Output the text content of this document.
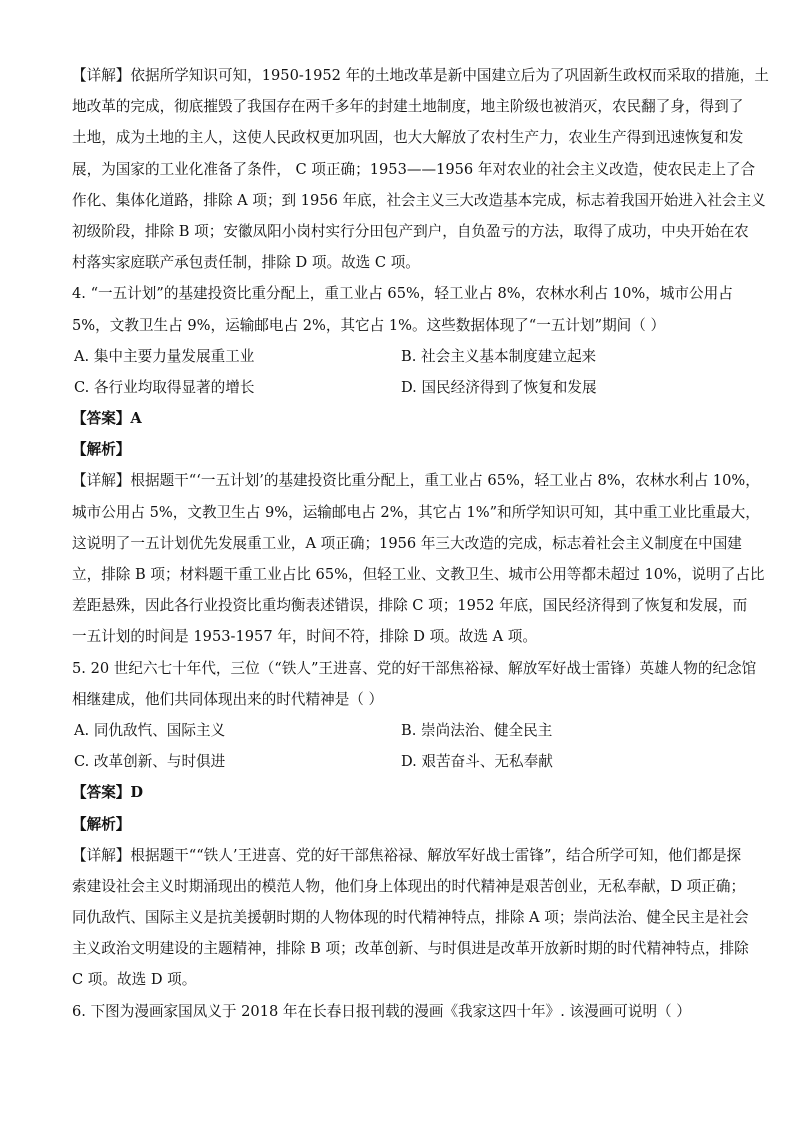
【详解】依据所学知识可知，1950-1952 年的土地改革是新中国建立后为了巩固新生政权而采取的措施，土
地改革的完成，彻底摧毁了我国存在两千多年的封建土地制度，地主阶级也被消灭，农民翻了身，得到了
土地，成为土地的主人，这使人民政权更加巩固，也大大解放了农村生产力，农业生产得到迅速恢复和发
展，为国家的工业化准备了条件， C 项正确；1953——1956 年对农业的社会主义改造，使农民走上了合
作化、集体化道路，排除 A 项；到 1956 年底，社会主义三大改造基本完成，标志着我国开始进入社会主义
初级阶段，排除 B 项；安徽凤阳小岗村实行分田包产到户，自负盈亏的方法，取得了成功，中央开始在农
村落实家庭联产承包责任制，排除 D 项。故选 C 项。
4. “一五计划”的基建投资比重分配上，重工业占 65%，轻工业占 8%，农林水利占 10%，城市公用占
5%，文教卫生占 9%，运输邮电占 2%，其它占 1%。这些数据体现了“一五计划”期间（ ）
A. 集中主要力量发展重工业	B. 社会主义基本制度建立起来
C. 各行业均取得显著的增长	D. 国民经济得到了恢复和发展
【答案】A
【解析】
【详解】根据题干“‘一五计划’的基建投资比重分配上，重工业占 65%，轻工业占 8%，农林水利占 10%，
城市公用占 5%，文教卫生占 9%，运输邮电占 2%，其它占 1%”和所学知识可知，其中重工业比重最大，
这说明了一五计划优先发展重工业，A 项正确；1956 年三大改造的完成，标志着社会主义制度在中国建
立，排除 B 项；材料题干重工业占比 65%，但轻工业、文教卫生、城市公用等都未超过 10%，说明了占比
差距悬殊，因此各行业投资比重均衡表述错误，排除 C 项；1952 年底，国民经济得到了恢复和发展，而
一五计划的时间是 1953-1957 年，时间不符，排除 D 项。故选 A 项。
5. 20 世纪六七十年代，三位（“铁人”王进喜、党的好干部焦裕禄、解放军好战士雷锋）英雄人物的纪念馆
相继建成，他们共同体现出来的时代精神是（ ）
A. 同仇敌忾、国际主义	B. 崇尚法治、健全民主
C. 改革创新、与时俱进	D. 艰苦奋斗、无私奉献
【答案】D
【解析】
【详解】根据题干““铁人’王进喜、党的好干部焦裕禄、解放军好战士雷锋”，结合所学可知，他们都是探
索建设社会主义时期涌现出的模范人物，他们身上体现出的时代精神是艰苦创业，无私奉献，D 项正确；
同仇敌忾、国际主义是抗美援朝时期的人物体现的时代精神特点，排除 A 项；崇尚法治、健全民主是社会
主义政治文明建设的主题精神，排除 B 项；改革创新、与时俱进是改革开放新时期的时代精神特点，排除
C 项。故选 D 项。
6. 下图为漫画家国凤义于 2018 年在长春日报刊载的漫画《我家这四十年》. 该漫画可说明（ ）
